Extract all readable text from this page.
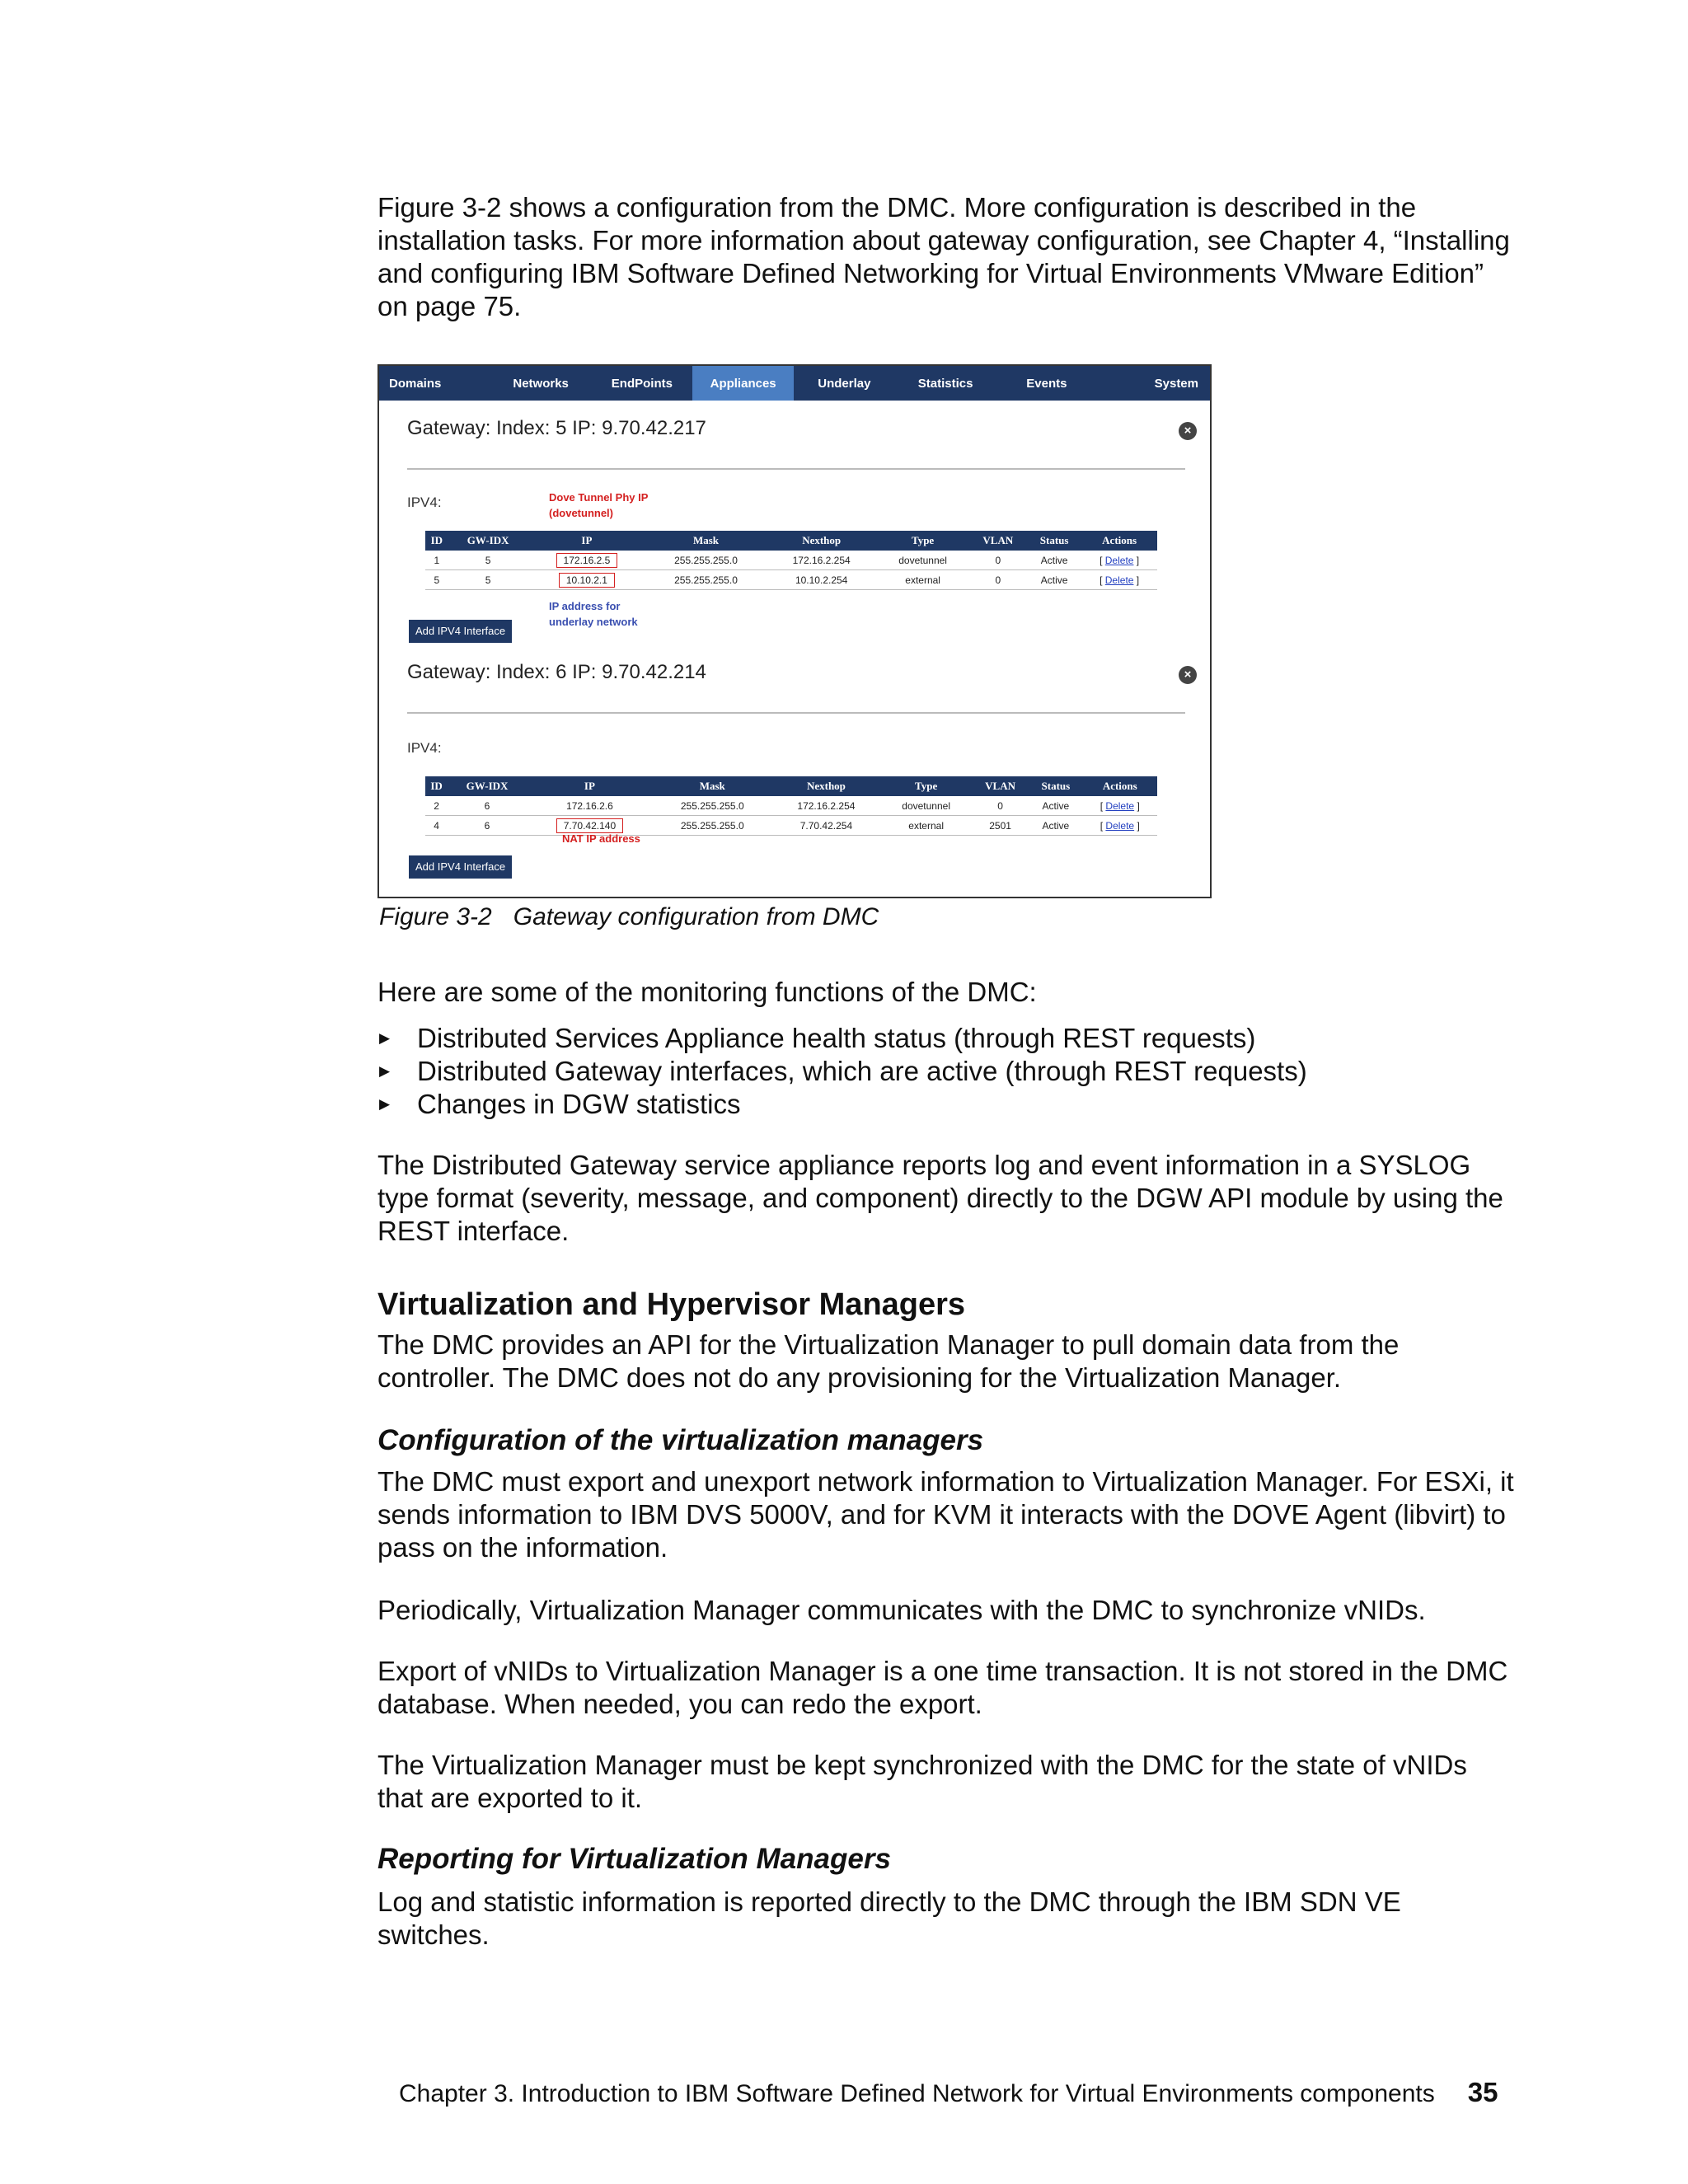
Figure 3-2 shows a configuration from the DMC. More configuration is described in the installation tasks. For more information about gateway configuration, see Chapter 4, “Installing and configuring IBM Software Defined Networking for Virtual Environments VMware Edition” on page 75.

Domains	Networks	EndPoints	Appliances	Underlay	Statistics	Events	System
Gateway: Index: 5 IP: 9.70.42.217	×
IPV4:	Dove Tunnel Phy IP
(dovetunnel)
ID	GW-IDX	IP	Mask	Nexthop	Type	VLAN	Status	Actions
1	5	172.16.2.5	255.255.255.0	172.16.2.254	dovetunnel	0	Active	[ Delete ]
5	5	10.10.2.1	255.255.255.0	10.10.2.254	external	0	Active	[ Delete ]
IP address for
underlay network
Add IPV4 Interface
Gateway: Index: 6 IP: 9.70.42.214	×
IPV4:
ID	GW-IDX	IP	Mask	Nexthop	Type	VLAN	Status	Actions
2	6	172.16.2.6	255.255.255.0	172.16.2.254	dovetunnel	0	Active	[ Delete ]
4	6	7.70.42.140	255.255.255.0	7.70.42.254	external	2501	Active	[ Delete ]
NAT IP address
Add IPV4 Interface
Figure 3-2 Gateway configuration from DMC

Here are some of the monitoring functions of the DMC:

▶ Distributed Services Appliance health status (through REST requests)
▶ Distributed Gateway interfaces, which are active (through REST requests)
▶ Changes in DGW statistics

The Distributed Gateway service appliance reports log and event information in a SYSLOG type format (severity, message, and component) directly to the DGW API module by using the REST interface.

Virtualization and Hypervisor Managers

The DMC provides an API for the Virtualization Manager to pull domain data from the controller. The DMC does not do any provisioning for the Virtualization Manager.

Configuration of the virtualization managers

The DMC must export and unexport network information to Virtualization Manager. For ESXi, it sends information to IBM DVS 5000V, and for KVM it interacts with the DOVE Agent (libvirt) to pass on the information.

Periodically, Virtualization Manager communicates with the DMC to synchronize vNIDs.

Export of vNIDs to Virtualization Manager is a one time transaction. It is not stored in the DMC database. When needed, you can redo the export.

The Virtualization Manager must be kept synchronized with the DMC for the state of vNIDs that are exported to it.

Reporting for Virtualization Managers

Log and statistic information is reported directly to the DMC through the IBM SDN VE switches.

Chapter 3. Introduction to IBM Software Defined Network for Virtual Environments components 35
